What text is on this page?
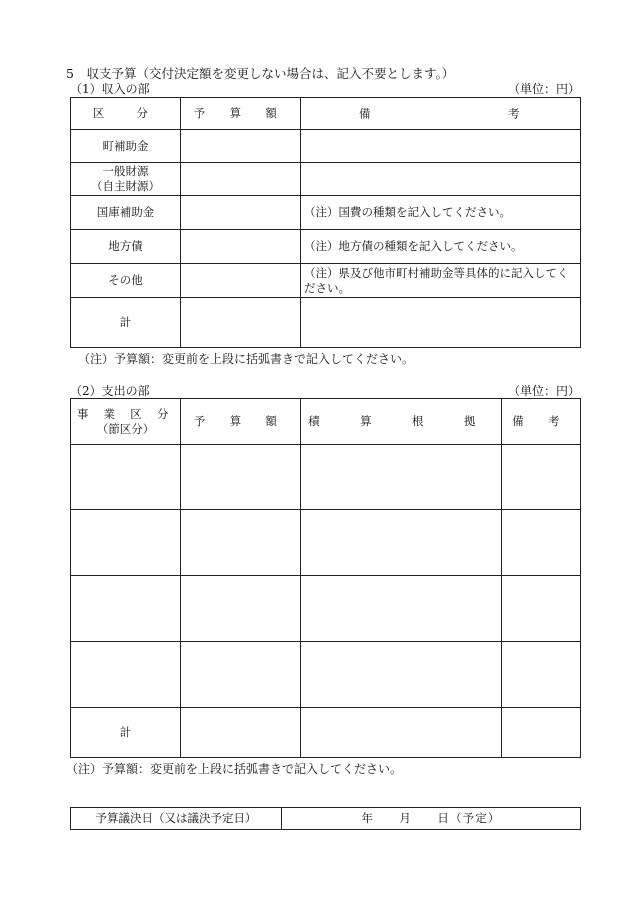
5　収支予算（交付決定額を変更しない場合は、記入不要とします。）
（1）収入の部	（単位：円）
区　分	予 算 額	備 考

町補助金		

一般財源
（自主財源）		

国庫補助金		（注）国費の種類を記入してください。
地方債		（注）地方債の種類を記入してください。
その他		（注）県及び他市町村補助金等具体的に記入してください。
計		
（注）予算額：変更前を上段に括弧書きで記入してください。
（2）支出の部	（単位：円）
事 業 区 分
（節区分）	予 算 額	積 算 根 拠	備 考

計			
（注）予算額：変更前を上段に括弧書きで記入してください。
予算議決日（又は議決予定日）	年　　月　　日（予定）
